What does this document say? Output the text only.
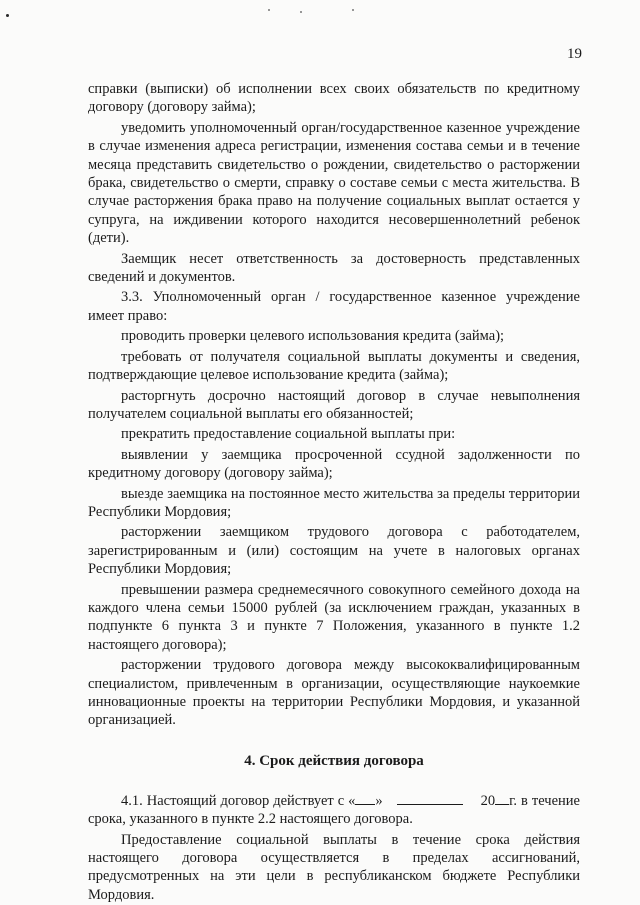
19
справки (выписки) об исполнении всех своих обязательств по кредитному договору (договору займа);
уведомить уполномоченный орган/государственное казенное учреждение в случае изменения адреса регистрации, изменения состава семьи и в течение месяца представить свидетельство о рождении, свидетельство о расторжении брака, свидетельство о смерти, справку о составе семьи с места жительства. В случае расторжения брака право на получение социальных выплат остается у супруга, на иждивении которого находится несовершеннолетний ребенок (дети).
Заемщик несет ответственность за достоверность представленных сведений и документов.
3.3. Уполномоченный орган / государственное казенное учреждение имеет право:
проводить проверки целевого использования кредита (займа);
требовать от получателя социальной выплаты документы и сведения, подтверждающие целевое использование кредита (займа);
расторгнуть досрочно настоящий договор в случае невыполнения получателем социальной выплаты его обязанностей;
прекратить предоставление социальной выплаты при:
выявлении у заемщика просроченной ссудной задолженности по кредитному договору (договору займа);
выезде заемщика на постоянное место жительства за пределы территории Республики Мордовия;
расторжении заемщиком трудового договора с работодателем, зарегистрированным и (или) состоящим на учете в налоговых органах Республики Мордовия;
превышении размера среднемесячного совокупного семейного дохода на каждого члена семьи 15000 рублей (за исключением граждан, указанных в подпункте 6 пункта 3 и пункте 7 Положения, указанного в пункте 1.2 настоящего договора);
расторжении трудового договора между высококвалифицированным специалистом, привлеченным в организации, осуществляющие наукоемкие инновационные проекты на территории Республики Мордовия, и указанной организацией.
4. Срок действия договора
4.1. Настоящий договор действует с « »	20 г. в течение срока, указанного в пункте 2.2 настоящего договора.
Предоставление социальной выплаты в течение срока действия настоящего договора осуществляется в пределах ассигнований, предусмотренных на эти цели в республиканском бюджете Республики Мордовия.
